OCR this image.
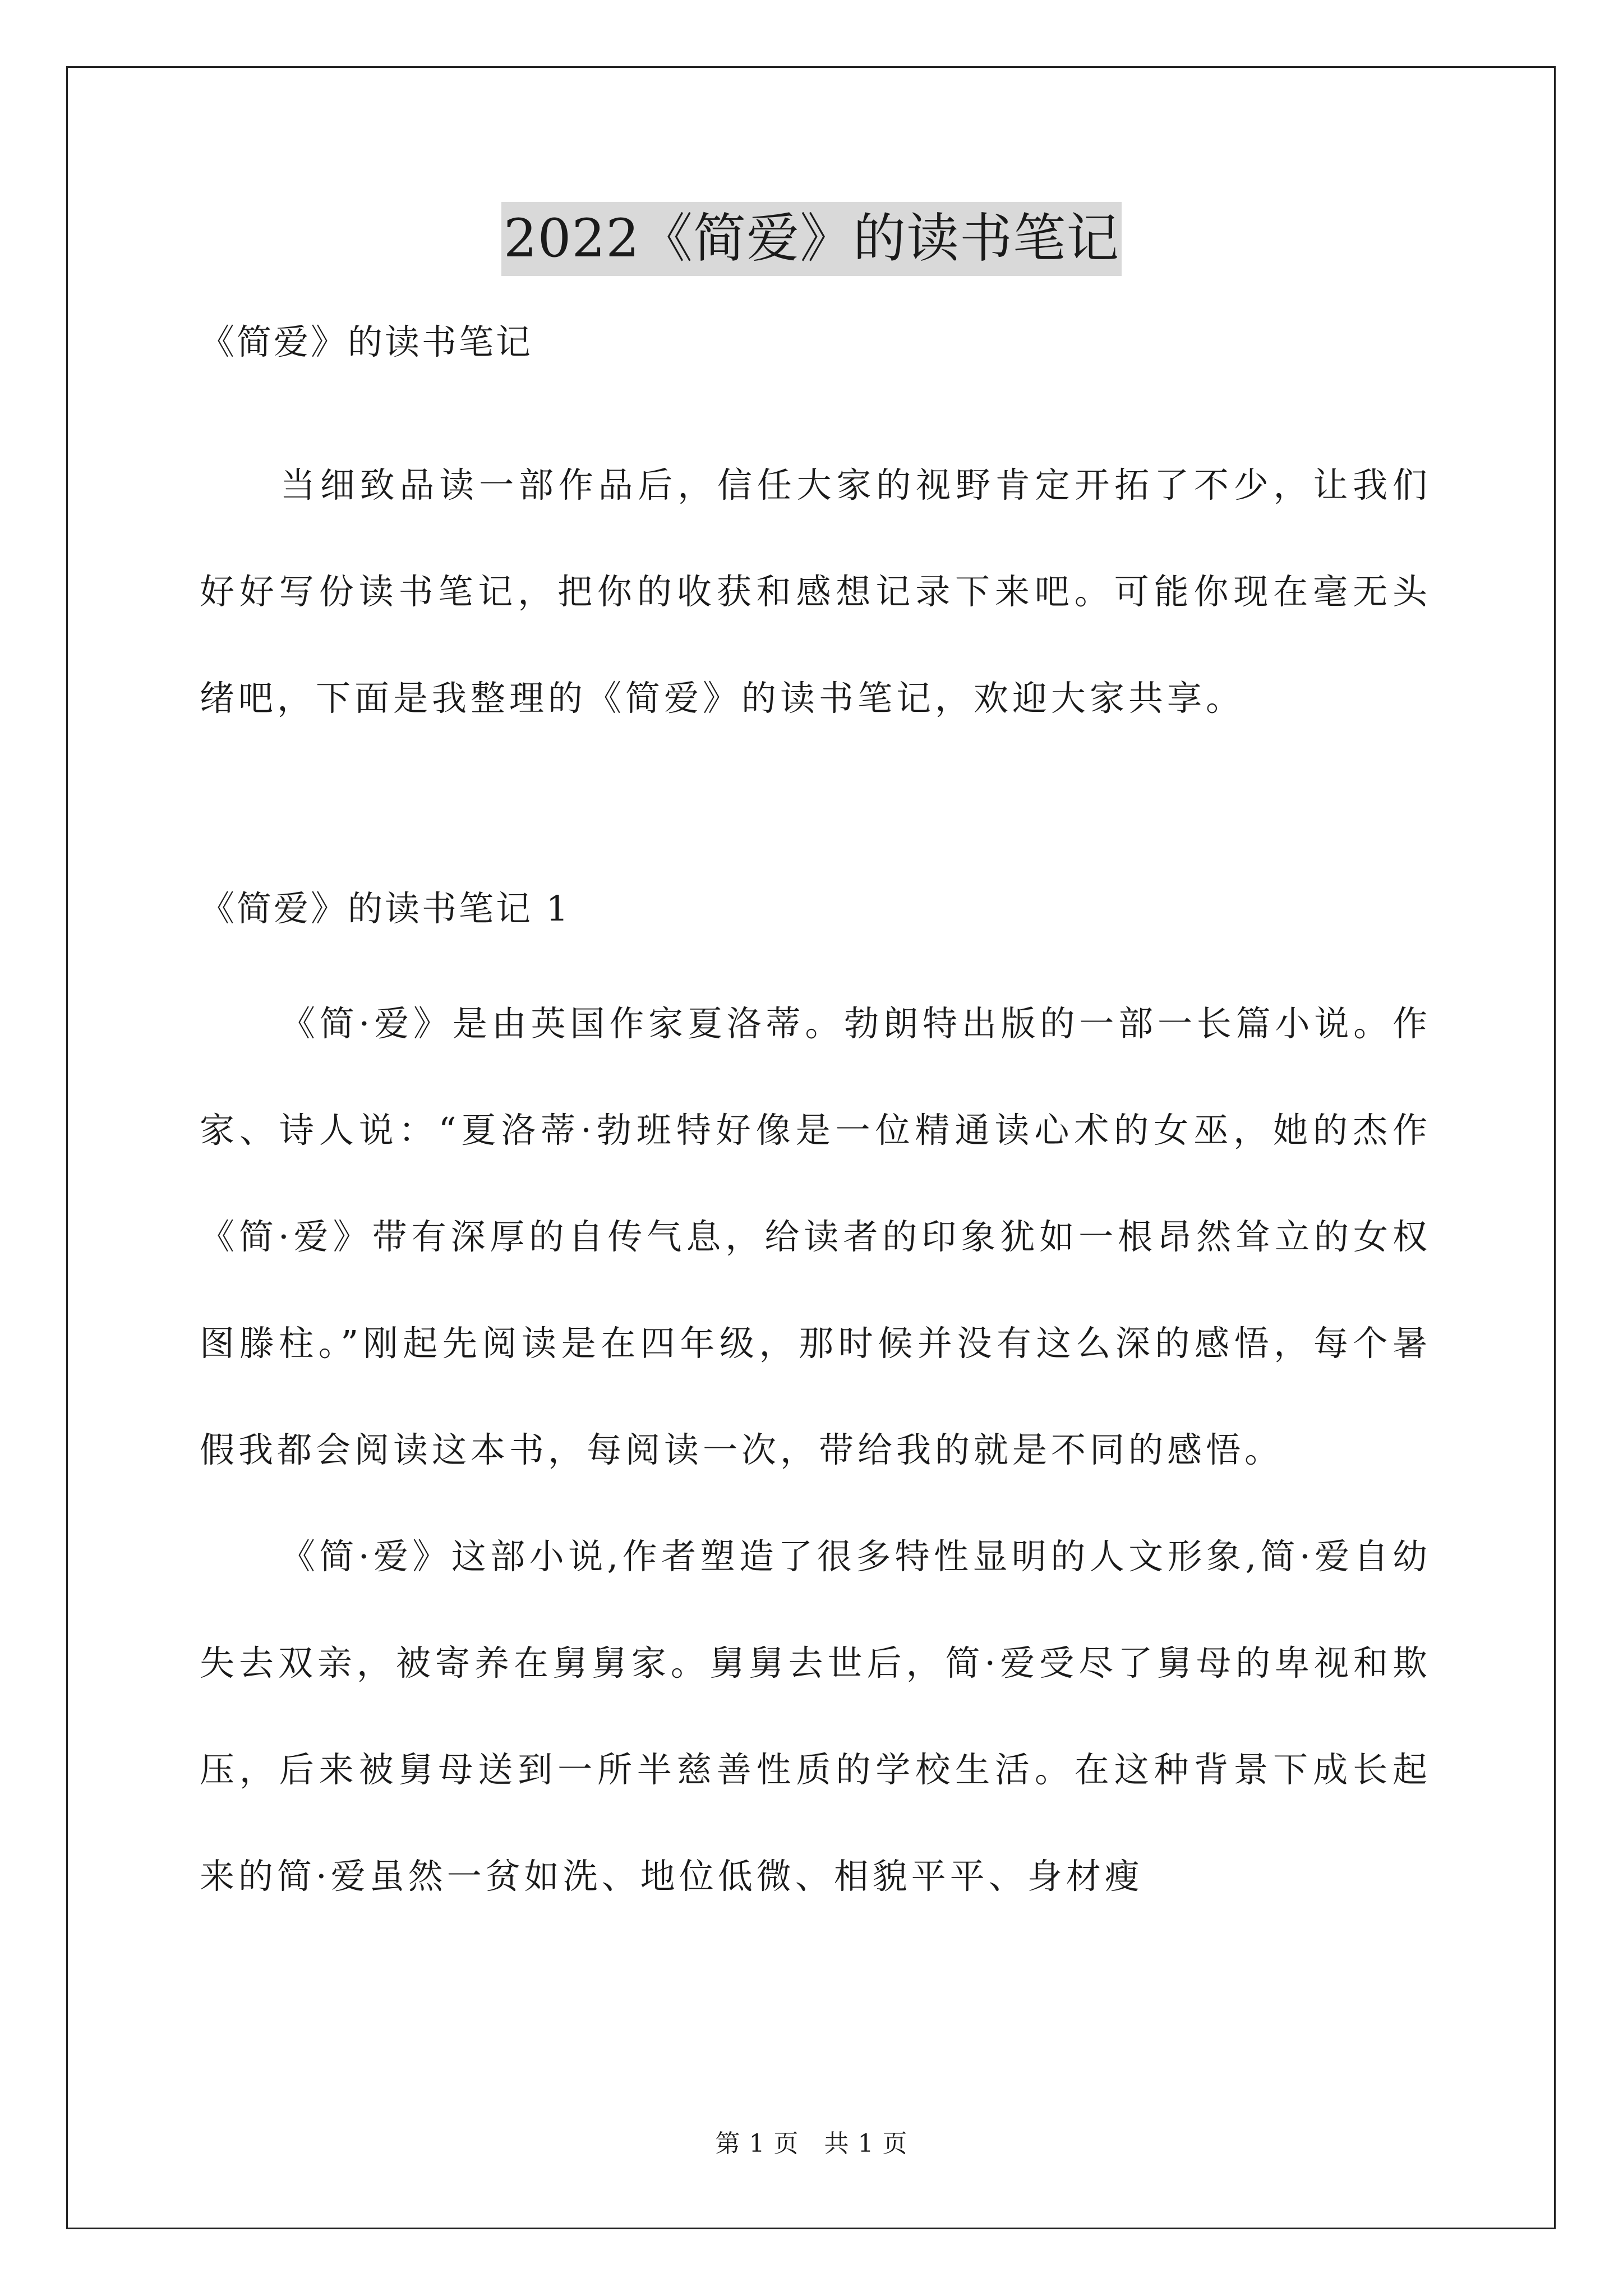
2022《简爱》的读书笔记
《简爱》的读书笔记

当细致品读一部作品后，信任大家的视野肯定开拓了不少，让我们好好写份读书笔记，把你的收获和感想记录下来吧。可能你现在毫无头绪吧，下面是我整理的《简爱》的读书笔记，欢迎大家共享。

《简爱》的读书笔记 1

《简·爱》是由英国作家夏洛蒂。勃朗特出版的一部一长篇小说。作家、诗人说：“夏洛蒂·勃班特好像是一位精通读心术的女巫，她的杰作《简·爱》带有深厚的自传气息，给读者的印象犹如一根昂然耸立的女权图滕柱。”刚起先阅读是在四年级，那时候并没有这么深的感悟，每个暑假我都会阅读这本书，每阅读一次，带给我的就是不同的感悟。

《简·爱》这部小说,作者塑造了很多特性显明的人文形象,简·爱自幼失去双亲，被寄养在舅舅家。舅舅去世后，简·爱受尽了舅母的卑视和欺压，后来被舅母送到一所半慈善性质的学校生活。在这种背景下成长起来的简·爱虽然一贫如洗、地位低微、相貌平平、身材瘦

第 1 页 共 1 页
